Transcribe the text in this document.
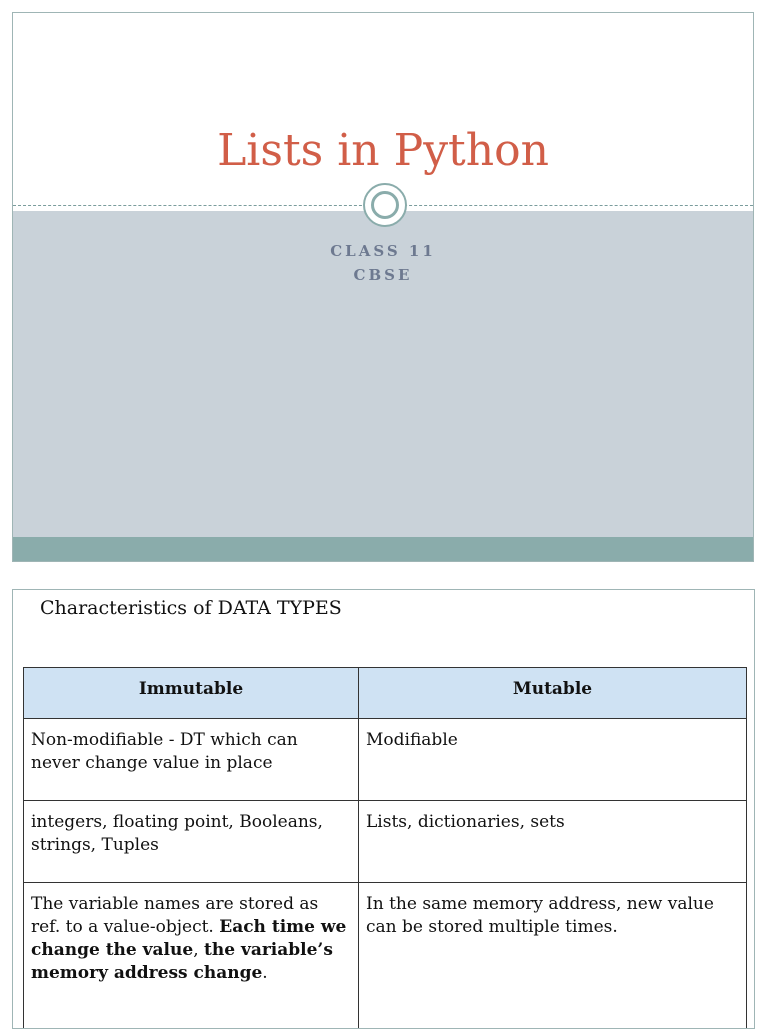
Lists in Python
CLASS 11
CBSE
Characteristics of DATA TYPES
Immutable	Mutable
Non-modifiable - DT which can never change value in place	Modifiable
integers, floating point, Booleans, strings, Tuples	Lists, dictionaries, sets
The variable names are stored as ref. to a value-object. Each time we change the value, the variable’s memory address change.	In the same memory address, new value can be stored multiple times.
